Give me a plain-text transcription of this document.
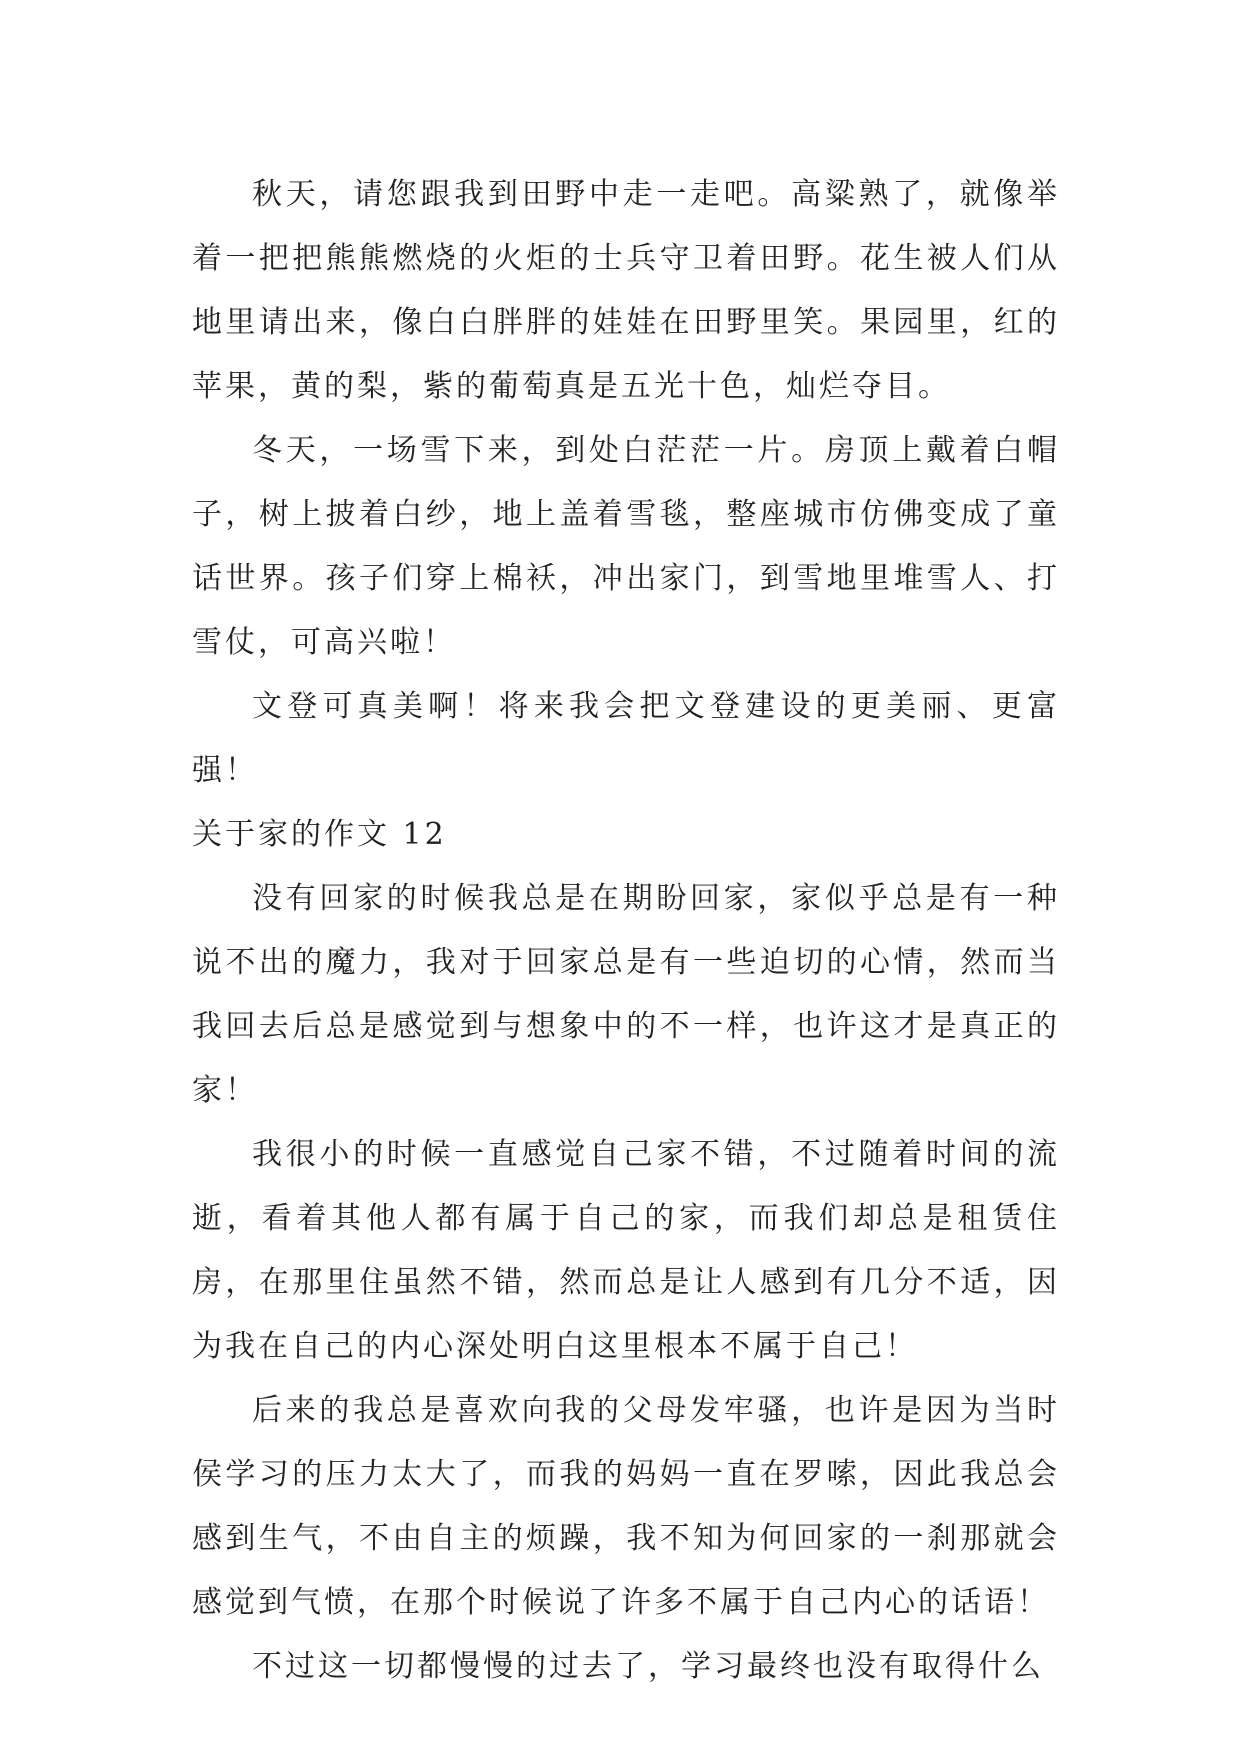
秋天，请您跟我到田野中走一走吧。高粱熟了，就像举着一把把熊熊燃烧的火炬的士兵守卫着田野。花生被人们从地里请出来，像白白胖胖的娃娃在田野里笑。果园里，红的苹果，黄的梨，紫的葡萄真是五光十色，灿烂夺目。

冬天，一场雪下来，到处白茫茫一片。房顶上戴着白帽子，树上披着白纱，地上盖着雪毯，整座城市仿佛变成了童话世界。孩子们穿上棉袄，冲出家门，到雪地里堆雪人、打雪仗，可高兴啦！

文登可真美啊！将来我会把文登建设的更美丽、更富强！

关于家的作文 12

没有回家的时候我总是在期盼回家，家似乎总是有一种说不出的魔力，我对于回家总是有一些迫切的心情，然而当我回去后总是感觉到与想象中的不一样，也许这才是真正的家！

我很小的时候一直感觉自己家不错，不过随着时间的流逝，看着其他人都有属于自己的家，而我们却总是租赁住房，在那里住虽然不错，然而总是让人感到有几分不适，因为我在自己的内心深处明白这里根本不属于自己！

后来的我总是喜欢向我的父母发牢骚，也许是因为当时侯学习的压力太大了，而我的妈妈一直在罗嗦，因此我总会感到生气，不由自主的烦躁，我不知为何回家的一刹那就会感觉到气愤，在那个时候说了许多不属于自己内心的话语！

不过这一切都慢慢的过去了，学习最终也没有取得什么
